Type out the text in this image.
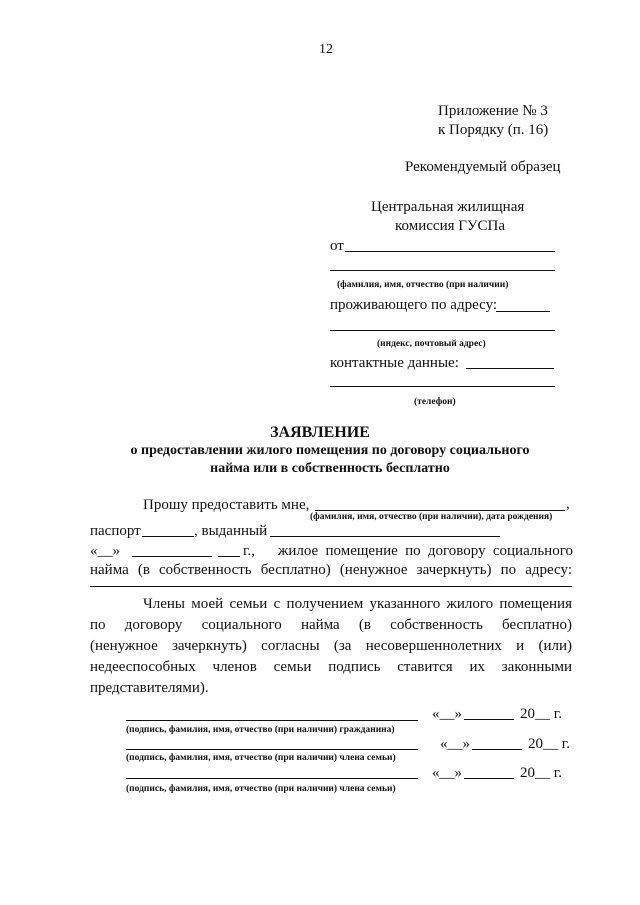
12
Приложение № 3
к Порядку (п. 16)
Рекомендуемый образец
Центральная жилищная
комиссия ГУСПа
от
(фамилия, имя, отчество (при наличии)
проживающего по адресу:
(индекс, почтовый адрес)
контактные данные:
(телефон)
ЗАЯВЛЕНИЕ
о предоставлении жилого помещения по договору социального
найма или в собственность бесплатно
Прошу предоставить мне,	,
(фамилия, имя, отчество (при наличии), дата рождения)
паспорт	, выданный
«__»	г., жилое помещение по договору социального
найма (в собственность бесплатно) (ненужное зачеркнуть) по адресу:
Члены моей семьи с получением указанного жилого помещения
по договору социального найма (в собственность бесплатно)
(ненужное зачеркнуть) согласны (за несовершеннолетних и (или)
недееспособных членов семьи подпись ставится их законными
представителями).
(подпись, фамилия, имя, отчество (при наличии) гражданина)
«__»	20__ г.
(подпись, фамилия, имя, отчество (при наличии) члена семьи)
«__»	20__ г.
(подпись, фамилия, имя, отчество (при наличии) члена семьи)
«__»	20__ г.
